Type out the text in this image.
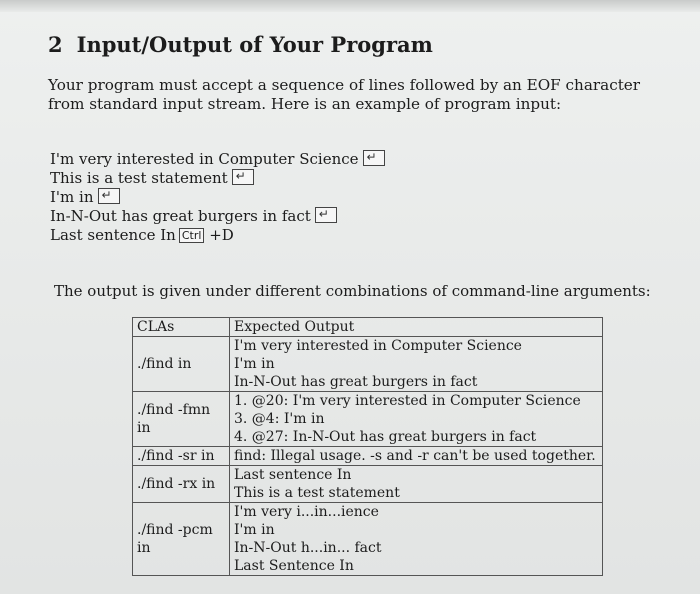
2 Input/Output of Your Program
Your program must accept a sequence of lines followed by an EOF character from standard input stream. Here is an example of program input:
I'm very interested in Computer Science↵
This is a test statement↵
I'm in↵
In-N-Out has great burgers in fact↵
Last sentence In Ctrl +D
The output is given under different combinations of command-line arguments:
CLAs	Expected Output
./find in	I'm very interested in Computer Science
I'm in
In-N-Out has great burgers in fact

./find -fmn in	1. @20: I'm very interested in Computer Science
3. @4: I'm in
4. @27: In-N-Out has great burgers in fact

./find -sr in	find: Illegal usage. -s and -r can't be used together.

./find -rx in	Last sentence In
This is a test statement

./find -pcm in	I'm very i...in...ience
I'm in
In-N-Out h...in... fact
Last Sentence In
